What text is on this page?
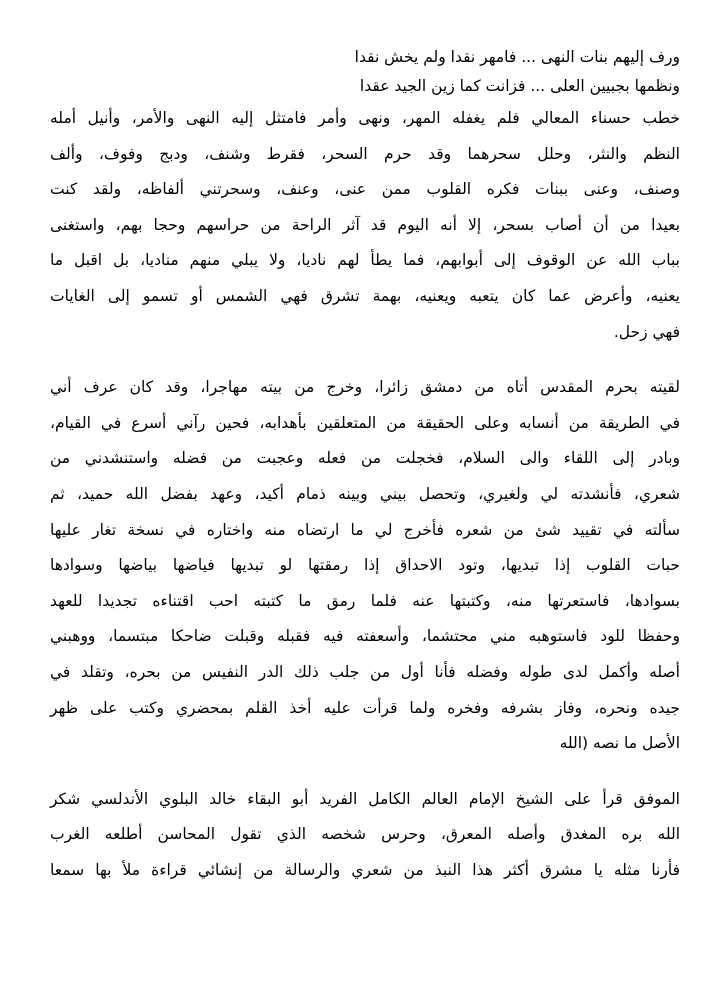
ورف إليهم بنات النهى ... فامهر نقدا ولم يخش نقدا
ونظمها بجبيين العلى ... فزانت كما زين الجيد عقدا
خطب حسناء المعالي فلم يغفله المهر، ونهى وأمر فامتثل إليه النهى والأمر، وأنيل أمله
النظم والنثر، وحلل سحرهما وقد حرم السحر، فقرط وشنف، ودبج وفوف، وألف
وصنف، وعنى ببنات فكره القلوب ممن عنى، وعنف، وسحرتني ألفاظه، ولقد كنت
بعيدا من أن أصاب بسحر، إلا أنه اليوم قد آثر الراحة من حراسهم وحجا بهم، واستغنى
بباب الله عن الوقوف إلى أبوابهم، فما يطأ لهم ناديا، ولا يبلي منهم مناديا، بل اقبل ما
يعنيه، وأعرض عما كان يتعبه ويعنيه، بهمة تشرق فهي الشمس أو تسمو إلى الغايات
فهي زحل.
لقيته بحرم المقدس أتاه من دمشق زائرا، وخرج من بيته مهاجرا، وقد كان عرف أني
في الطريقة من أنسابه وعلى الحقيقة من المتعلقين بأهدابه، فحين رآني أسرع في القيام،
وبادر إلى اللقاء والى السلام، فخجلت من فعله وعجبت من فضله واستنشدني من
شعري، فأنشدته لي ولغيري، وتحصل بيني وبينه ذمام أكيد، وعهد بفضل الله حميد، ثم
سألته في تقييد شئ من شعره فأخرج لي ما ارتضاه منه واختاره في نسخة تغار عليها
حبات القلوب إذا تبديها، وتود الاحداق إذا رمقتها لو تبديها فياضها بياضها وسوادها
بسوادها، فاستعرتها منه، وكتبتها عنه فلما رمق ما كتبته احب اقتناءه تجديدا للعهد
وحفظا للود فاستوهبه مني محتشما، وأسعفته فيه فقبله وقبلت ضاحكا مبتسما، ووهبني
أصله وأكمل لدى طوله وفضله فأنا أول من جلب ذلك الدر النفيس من بحره، وتقلد في
جيده ونحره، وفاز بشرفه وفخره ولما قرأت عليه أخذ القلم بمحضري وكتب على ظهر
الأصل ما نصه (الله
الموفق قرأ على الشيخ الإمام العالم الكامل الفريد أبو البقاء خالد البلوي الأندلسي شكر
الله بره المغدق وأصله المعرق، وحرس شخصه الذي تقول المحاسن أطلعه الغرب
فأرنا مثله يا مشرق أكثر هذا النبذ من شعري والرسالة من إنشائي قراءة ملأ بها سمعا
